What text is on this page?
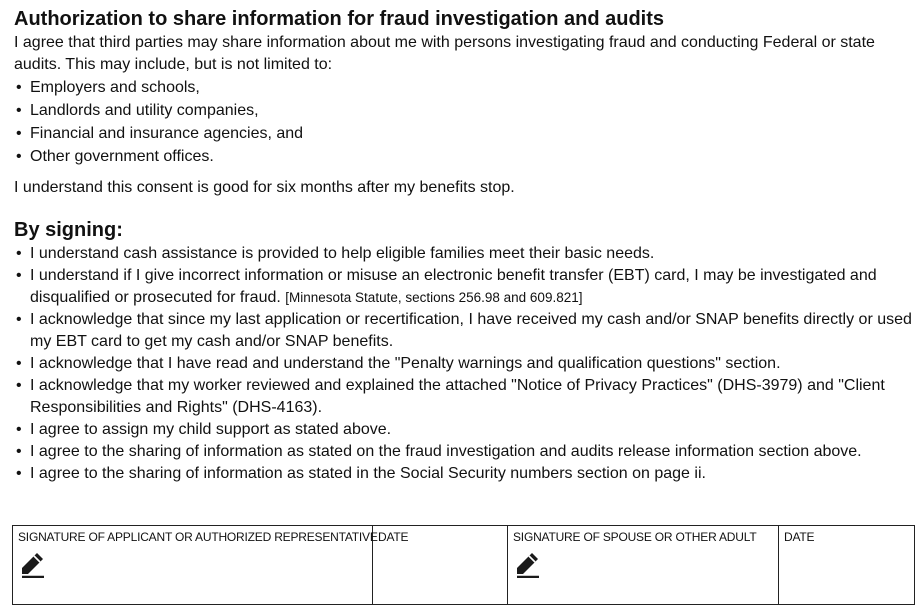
Authorization to share information for fraud investigation and audits

I agree that third parties may share information about me with persons investigating fraud and conducting Federal or state audits. This may include, but is not limited to:

• Employers and schools,
• Landlords and utility companies,
• Financial and insurance agencies, and
• Other government offices.

I understand this consent is good for six months after my benefits stop.

By signing:
• I understand cash assistance is provided to help eligible families meet their basic needs.
• I understand if I give incorrect information or misuse an electronic benefit transfer (EBT) card, I may be investigated and disqualified or prosecuted for fraud. [Minnesota Statute, sections 256.98 and 609.821]
• I acknowledge that since my last application or recertification, I have received my cash and/or SNAP benefits directly or used my EBT card to get my cash and/or SNAP benefits.
• I acknowledge that I have read and understand the "Penalty warnings and qualification questions" section.
• I acknowledge that my worker reviewed and explained the attached "Notice of Privacy Practices" (DHS-3979) and "Client Responsibilities and Rights" (DHS-4163).
• I agree to assign my child support as stated above.
• I agree to the sharing of information as stated on the fraud investigation and audits release information section above.
• I agree to the sharing of information as stated in the Social Security numbers section on page ii.
SIGNATURE OF APPLICANT OR AUTHORIZED REPRESENTATIVE	DATE	SIGNATURE OF SPOUSE OR OTHER ADULT	DATE
